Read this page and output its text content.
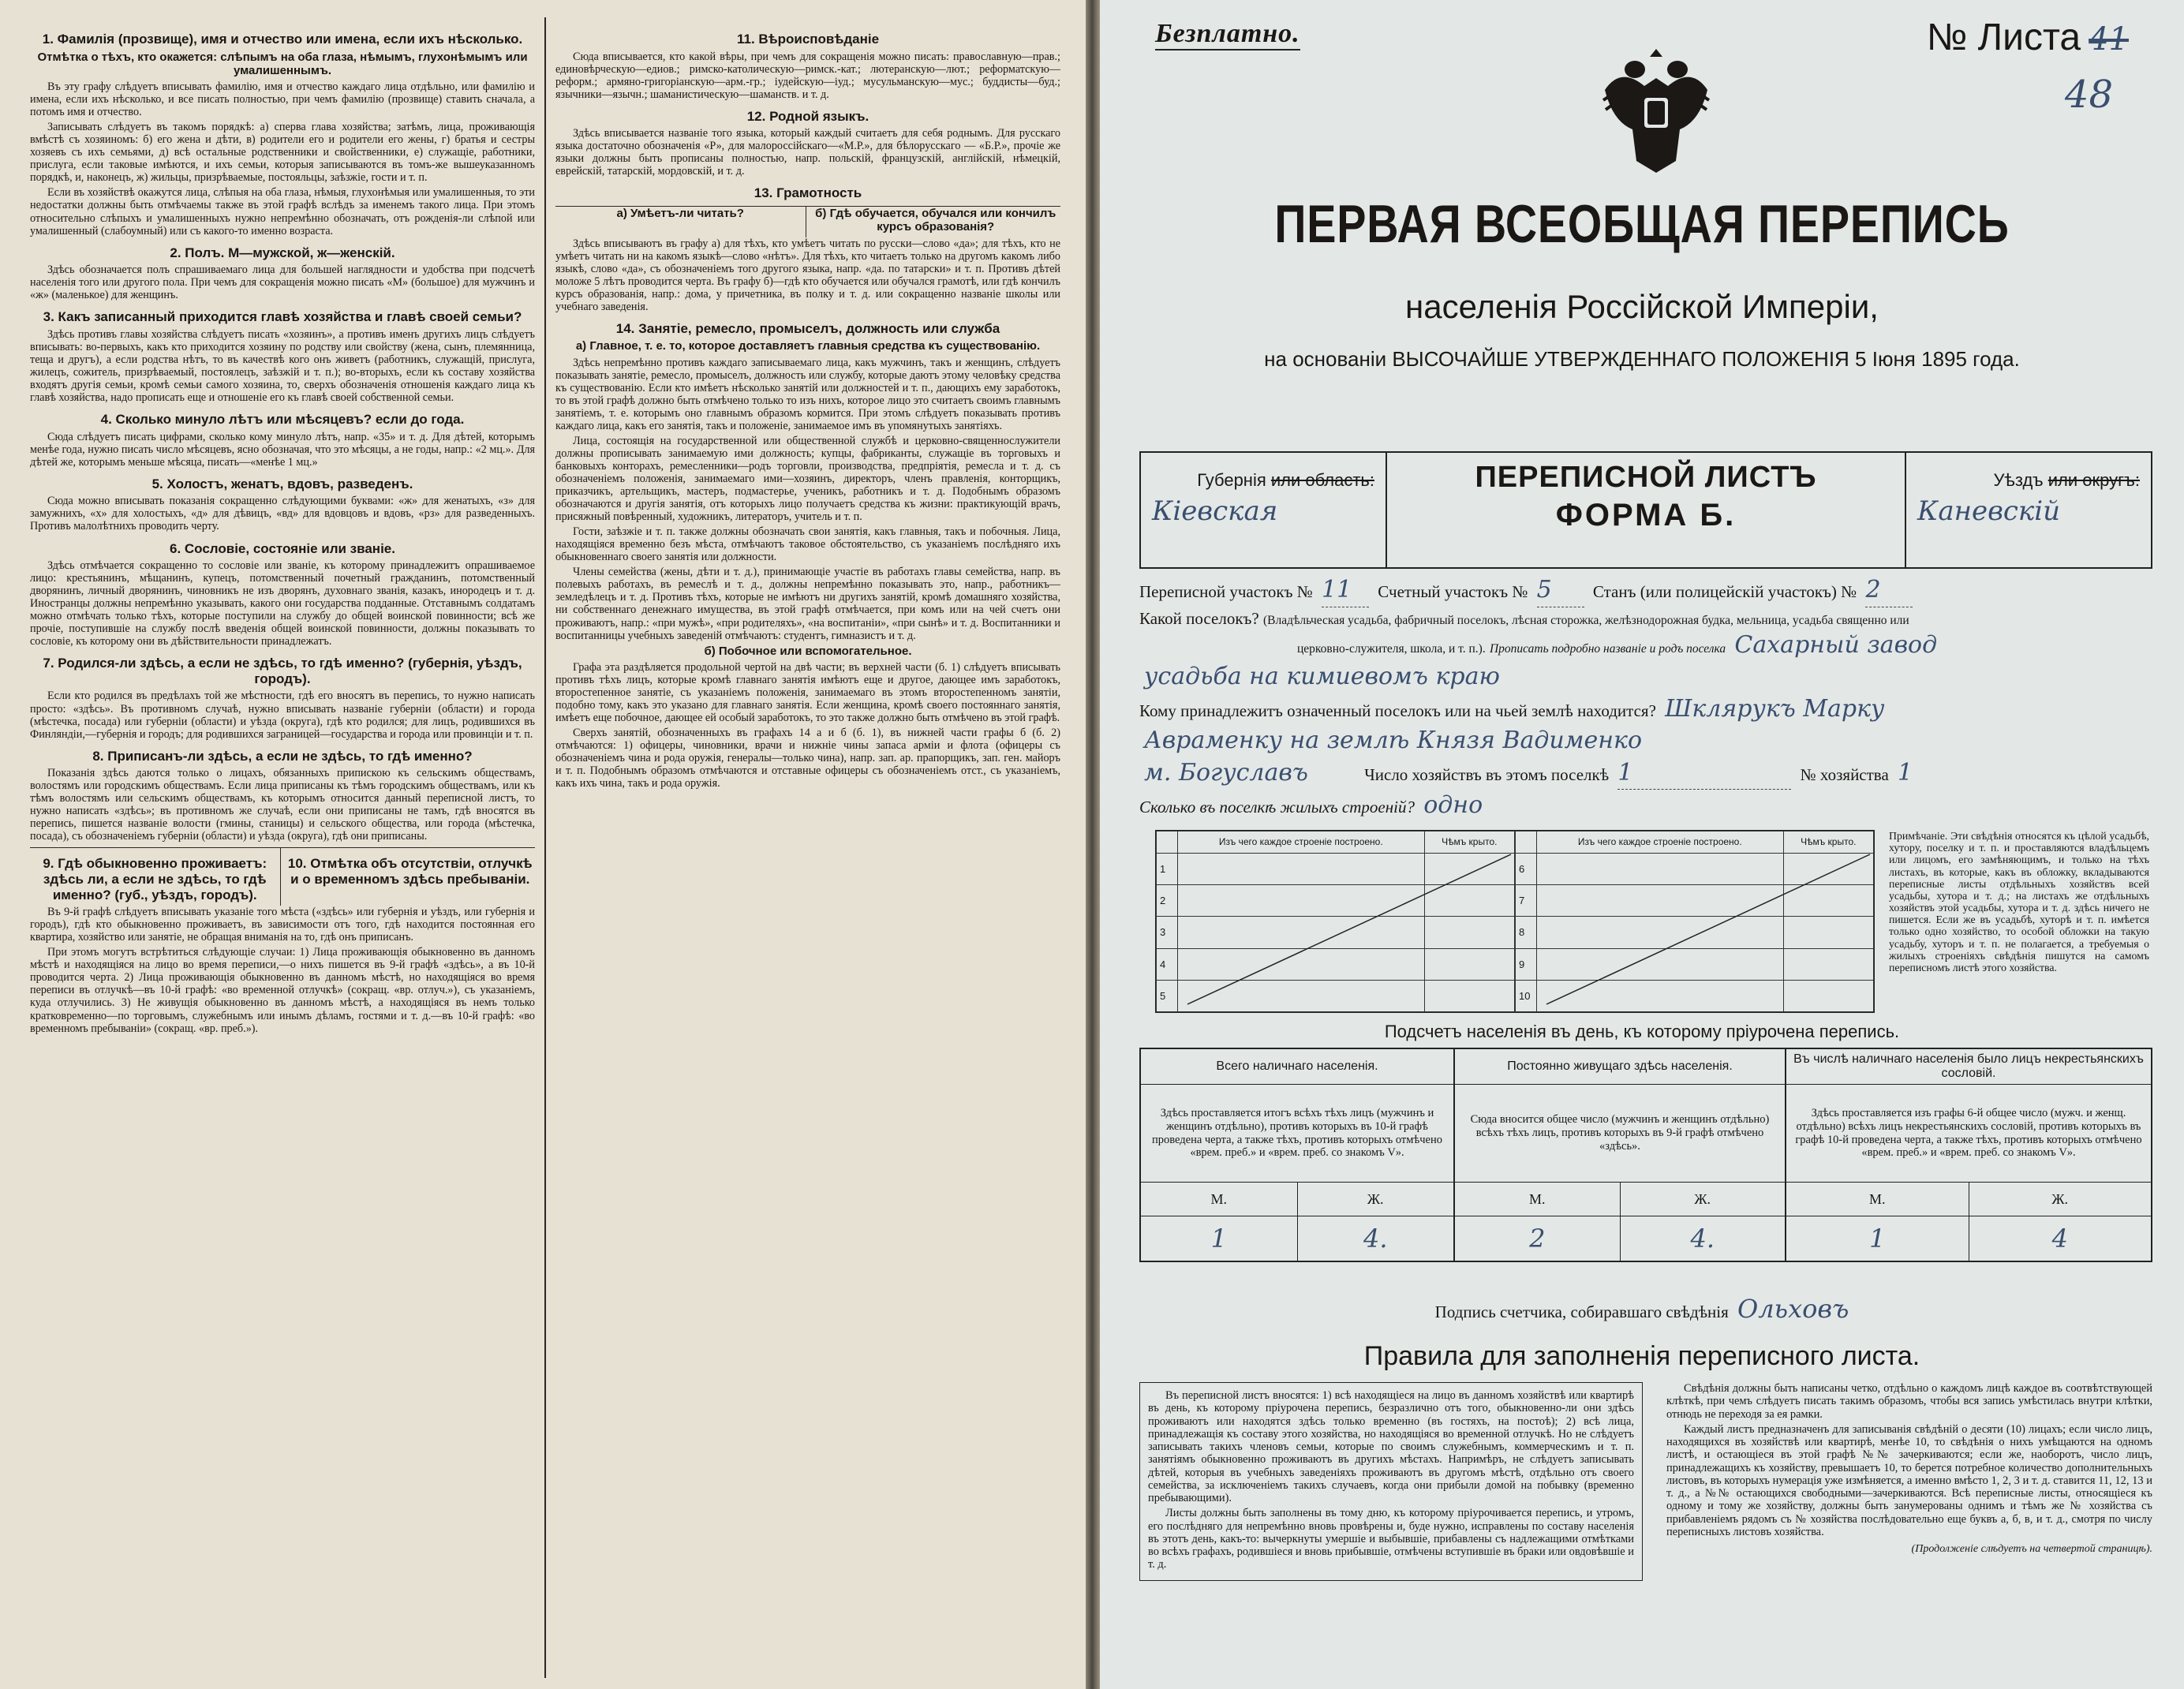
1. Фамилія (прозвище), имя и отчество или имена, если ихъ нѣсколько.
Отмѣтка о тѣхъ, кто окажется: слѣпымъ на оба глаза, нѣмымъ, глухонѣмымъ или умалишеннымъ.

Въ эту графу слѣдуетъ вписывать фамилію, имя и отчество каждаго лица отдѣльно, или фамилію и имена, если ихъ нѣсколько, и все писать полностью, при чемъ фамилію (прозвище) ставить сначала, а потомъ имя и отчество.

Записывать слѣдуетъ въ такомъ порядкѣ: а) сперва глава хозяйства; затѣмъ, лица, проживающія вмѣстѣ съ хозяиномъ: б) его жена и дѣти, в) родители его и родители его жены, г) братья и сестры хозяевъ съ ихъ семьями, д) всѣ остальные родственники и свойственники, е) служащіе, работники, прислуга, если таковые имѣются, и ихъ семьи, которыя записываются въ томъ-же вышеуказанномъ порядкѣ, и, наконецъ, ж) жильцы, призрѣваемые, постояльцы, заѣзжіе, гости и т. п.

Если въ хозяйствѣ окажутся лица, слѣпыя на оба глаза, нѣмыя, глухонѣмыя или умалишенныя, то эти недостатки должны быть отмѣчаемы также въ этой графѣ вслѣдъ за именемъ такого лица. При этомъ относительно слѣпыхъ и умалишенныхъ нужно непремѣнно обозначать, отъ рожденія-ли слѣпой или умалишенный (слабоумный) или съ какого-то именно возраста.

2. Полъ. М—мужской, ж—женскій.

Здѣсь обозначается полъ спрашиваемаго лица для большей наглядности и удобства при подсчетѣ населенія того или другого пола. При чемъ для сокращенія можно писать «М» (большое) для мужчинъ и «ж» (маленькое) для женщинъ.

3. Какъ записанный приходится главѣ хозяйства и главѣ своей семьи?

Здѣсь противъ главы хозяйства слѣдуетъ писать «хозяинъ», а противъ именъ другихъ лицъ слѣдуетъ вписывать: во-первыхъ, какъ кто приходится хозяину по родству или свойству (жена, сынъ, племянница, теща и другъ), а если родства нѣтъ, то въ качествѣ кого онъ живетъ (работникъ, служащій, прислуга, жилецъ, сожитель, призрѣваемый, постоялецъ, заѣзжій и т. п.); во-вторыхъ, если къ составу хозяйства входятъ другія семьи, кромѣ семьи самого хозяина, то, сверхъ обозначенія отношенія каждаго лица къ главѣ хозяйства, надо прописать еще и отношеніе его къ главѣ своей собственной семьи.

4. Сколько минуло лѣтъ или мѣсяцевъ? если до года.

Сюда слѣдуетъ писать цифрами, сколько кому минуло лѣтъ, напр. «35» и т. д. Для дѣтей, которымъ менѣе года, нужно писать число мѣсяцевъ, ясно обозначая, что это мѣсяцы, а не годы, напр.: «2 мц.». Для дѣтей же, которымъ меньше мѣсяца, писать—«менѣе 1 мц.»

5. Холостъ, женатъ, вдовъ, разведенъ.

Сюда можно вписывать показанія сокращенно слѣдующими буквами: «ж» для женатыхъ, «з» для замужнихъ, «х» для холостыхъ, «д» для дѣвицъ, «вд» для вдовцовъ и вдовъ, «рз» для разведенныхъ. Противъ малолѣтнихъ проводить черту.

6. Сословіе, состояніе или званіе.

Здѣсь отмѣчается сокращенно то сословіе или званіе, къ которому принадлежитъ опрашиваемое лицо: крестьянинъ, мѣщанинъ, купецъ, потомственный почетный гражданинъ, потомственный дворянинъ, личный дворянинъ, чиновникъ не изъ дворянъ, духовнаго званія, казакъ, инородецъ и т. д. Иностранцы должны непремѣнно указывать, какого они государства подданные. Отставнымъ солдатамъ можно отмѣчать только тѣхъ, которые поступили на службу до общей воинской повинности; всѣ же прочіе, поступившіе на службу послѣ введенія общей воинской повинности, должны показывать то сословіе, къ которому они въ дѣйствительности принадлежатъ.

7. Родился-ли здѣсь, а если не здѣсь, то гдѣ именно? (губернія, уѣздъ, городъ).

Если кто родился въ предѣлахъ той же мѣстности, гдѣ его вносятъ въ перепись, то нужно написать просто: «здѣсь». Въ противномъ случаѣ, нужно вписывать названіе губерніи (области) и города (мѣстечка, посада) или губерніи (области) и уѣзда (округа), гдѣ кто родился; для лицъ, родившихся въ Финляндіи,—губернія и городъ; для родившихся заграницей—государства и города или провинціи и т. п.

8. Приписанъ-ли здѣсь, а если не здѣсь, то гдѣ именно?

Показанія здѣсь даются только о лицахъ, обязанныхъ припискою къ сельскимъ обществамъ, волостямъ или городскимъ обществамъ. Если лица приписаны къ тѣмъ городскимъ обществамъ, или къ тѣмъ волостямъ или сельскимъ обществамъ, къ которымъ относится данный переписной листъ, то нужно написать «здѣсь»; въ противномъ же случаѣ, если они приписаны не тамъ, гдѣ вносятся въ перепись, пишется названіе волости (гмины, станицы) и сельского общества, или города (мѣстечка, посада), съ обозначеніемъ губерніи (области) и уѣзда (округа), гдѣ они приписаны.

9. Гдѣ обыкновенно проживаетъ: здѣсь ли, а если не здѣсь, то гдѣ именно? (губ., уѣздъ, городъ).
10. Отмѣтка объ отсутствіи, отлучкѣ и о временномъ здѣсь пребываніи.

Въ 9-й графѣ слѣдуетъ вписывать указаніе того мѣста («здѣсь» или губернія и уѣздъ, или губернія и городъ), гдѣ кто обыкновенно проживаетъ, въ зависимости отъ того, гдѣ находится постоянная его квартира, хозяйство или занятіе, не обращая вниманія на то, гдѣ онъ приписанъ.

При этомъ могутъ встрѣтиться слѣдующіе случаи: 1) Лица проживающія обыкновенно въ данномъ мѣстѣ и находящіяся на лицо во время переписи,—о нихъ пишется въ 9-й графѣ «здѣсь», а въ 10-й проводится черта. 2) Лица проживающія обыкновенно въ данномъ мѣстѣ, но находящіяся во время переписи въ отлучкѣ—въ 10-й графѣ: «во временной отлучкѣ» (сокращ. «вр. отлуч.»), съ указаніемъ, куда отлучились. 3) Не живущія обыкновенно въ данномъ мѣстѣ, а находящіяся въ немъ только кратковременно—по торговымъ, служебнымъ или инымъ дѣламъ, гостями и т. д.—въ 10-й графѣ: «во временномъ пребываніи» (сокращ. «вр. преб.»).

11. Вѣроисповѣданіе

Сюда вписывается, кто какой вѣры, при чемъ для сокращенія можно писать: православную—прав.; единовѣрческую—едиов.; римско-католическую—римск.-кат.; лютеранскую—лют.; реформатскую—реформ.; армяно-григоріанскую—арм.-гр.; іудейскую—іуд.; мусульманскую—мус.; буддисты—буд.; язычники—язычн.; шаманистическую—шаманств. и т. д.

12. Родной языкъ.

Здѣсь вписывается названіе того языка, который каждый считаетъ для себя роднымъ. Для русскаго языка достаточно обозначенія «Р», для малороссійскаго—«М.Р.», для бѣлорусскаго — «Б.Р.», прочіе же языки должны быть прописаны полностью, напр. польскій, французскій, англійскій, нѣмецкій, еврейскій, татарскій, мордовскій, и т. д.

13. Грамотность
а) Умѣетъ-ли читать?	б) Гдѣ обучается, обучался или кончилъ курсъ образованія?

Здѣсь вписываютъ въ графу а) для тѣхъ, кто умѣетъ читать по русски—слово «да»; для тѣхъ, кто не умѣетъ читать ни на какомъ языкѣ—слово «нѣтъ». Для тѣхъ, кто читаетъ только на другомъ какомъ либо языкѣ, слово «да», съ обозначеніемъ того другого языка, напр. «да. по татарски» и т. п. Противъ дѣтей моложе 5 лѣтъ проводится черта. Въ графу б)—гдѣ кто обучается или обучался грамотѣ, или гдѣ кончилъ курсъ образованія, напр.: дома, у причетника, въ полку и т. д. или сокращенно названіе школы или учебнаго заведенія.

14. Занятіе, ремесло, промыселъ, должность или служба
а) Главное, т. е. то, которое доставляетъ главныя средства къ существованію.

Здѣсь непремѣнно противъ каждаго записываемаго лица, какъ мужчинъ, такъ и женщинъ, слѣдуетъ показывать занятіе, ремесло, промыселъ, должность или службу, которые даютъ этому человѣку средства къ существованію. Если кто имѣетъ нѣсколько занятій или должностей и т. п., дающихъ ему заработокъ, то въ этой графѣ должно быть отмѣчено только то изъ нихъ, которое лицо это считаетъ своимъ главнымъ занятіемъ, т. е. которымъ оно главнымъ образомъ кормится. При этомъ слѣдуетъ показывать противъ каждаго лица, какъ его занятія, такъ и положеніе, занимаемое имъ въ упомянутыхъ занятіяхъ.

Лица, состоящія на государственной или общественной службѣ и церковно-священнослужители должны прописывать занимаемую ими должность; купцы, фабриканты, служащіе въ торговыхъ и банковыхъ конторахъ, ремесленники—родъ торговли, производства, предпріятія, ремесла и т. д. съ обозначеніемъ положенія, занимаемаго ими—хозяинъ, директоръ, членъ правленія, конторщикъ, приказчикъ, артельщикъ, мастеръ, подмастерье, ученикъ, работникъ и т. д. Подобнымъ образомъ обозначаются и другія занятія, отъ которыхъ лицо получаетъ средства къ жизни: практикующій врачъ, присяжный повѣренный, художникъ, литераторъ, учитель и т. п.

Гости, заѣзжіе и т. п. также должны обозначать свои занятія, какъ главныя, такъ и побочныя. Лица, находящіяся временно безъ мѣста, отмѣчаютъ таковое обстоятельство, съ указаніемъ послѣдняго ихъ обыкновеннаго своего занятія или должности.

Члены семейства (жены, дѣти и т. д.), принимающіе участіе въ работахъ главы семейства, напр. въ полевыхъ работахъ, въ ремеслѣ и т. д., должны непремѣнно показывать это, напр., работникъ—земледѣлецъ и т. д. Противъ тѣхъ, которые не имѣютъ ни другихъ занятій, кромѣ домашняго хозяйства, ни собственнаго денежнаго имущества, въ этой графѣ отмѣчается, при комъ или на чей счетъ они проживаютъ, напр.: «при мужѣ», «при родителяхъ», «на воспитаніи», «при сынѣ» и т. д. Воспитанники и воспитанницы учебныхъ заведеній отмѣчаютъ: студентъ, гимназистъ и т. д.

б) Побочное или вспомогательное.

Графа эта раздѣляется продольной чертой на двѣ части; въ верхней части (б. 1) слѣдуетъ вписывать противъ тѣхъ лицъ, которые кромѣ главнаго занятія имѣютъ еще и другое, дающее имъ заработокъ, второстепенное занятіе, съ указаніемъ положенія, занимаемаго въ этомъ второстепенномъ занятіи, подобно тому, какъ это указано для главнаго занятія. Если женщина, кромѣ своего постояннаго занятія, имѣетъ еще побочное, дающее ей особый заработокъ, то это также должно быть отмѣчено въ этой графѣ.

Сверхъ занятій, обозначенныхъ въ графахъ 14 а и б (б. 1), въ нижней части графы б (б. 2) отмѣчаются: 1) офицеры, чиновники, врачи и нижніе чины запаса арміи и флота (офицеры съ обозначеніемъ чина и рода оружія, генералы—только чина), напр. зап. ар. прапорщикъ, зап. ген. майоръ и т. п. Подобнымъ образомъ отмѣчаются и отставные офицеры съ обозначеніемъ отст., съ указаніемъ, какъ ихъ чина, такъ и рода оружія.

Безплатно.	№ Листа 41
48
ПЕРВАЯ ВСЕОБЩАЯ ПЕРЕПИСЬ
населенія Россійской Имперіи,
на основаніи ВЫСОЧАЙШЕ УТВЕРЖДЕННАГО ПОЛОЖЕНІЯ 5 Іюня 1895 года.
Губернія или область:
Кіевская
ПЕРЕПИСНОЙ ЛИСТЪ
ФОРМА Б.
Уѣздъ или округъ:
Каневскій
Переписной участокъ № 11 Счетный участокъ № 5 Станъ (или полицейскій участокъ) № 2
Какой поселокъ? (Владѣльческая усадьба, фабричный поселокъ, лѣсная сторожка, желѣзнодорожная будка, мельница, усадьба священно или
церковно-служителя, школа, и т. п.). Прописать подробно названіе и родъ поселка Сахарный завод
усадьба на кимиевомъ краю
Кому принадлежитъ означенный поселокъ или на чьей землѣ находится? Шклярукъ Марку
Авраменку на землѣ Князя Вадименко
м. Богуславъ	Число хозяйствъ въ этомъ поселкѣ 1	№ хозяйства 1
Сколько въ поселкѣ жилыхъ строеній? одно
	Изъ чего каждое строеніе построено.	Чѣмъ крыто.
1		
2		
3		
4		
5		
	Изъ чего каждое строеніе построено.	Чѣмъ крыто.
6		
7		
8		
9		
10		
Примѣчаніе. Эти свѣдѣнія относятся къ цѣлой усадьбѣ, хутору, поселку и т. п. и проставляются владѣльцемъ или лицомъ, его замѣняющимъ, и только на тѣхъ листахъ, въ которые, какъ въ обложку, вкладываются переписные листы отдѣльныхъ хозяйствъ всей усадьбы, хутора и т. д.; на листахъ же отдѣльныхъ хозяйствъ этой усадьбы, хутора и т. д. здѣсь ничего не пишется. Если же въ усадьбѣ, хуторѣ и т. п. имѣется только одно хозяйство, то особой обложки на такую усадьбу, хуторъ и т. п. не полагается, а требуемыя о жилыхъ строеніяхъ свѣдѣнія пишутся на самомъ переписномъ листѣ этого хозяйства.
Подсчетъ населенія въ день, къ которому пріурочена перепись.
Всего наличнаго населенія.
Здѣсь проставляется итогъ всѣхъ тѣхъ лицъ (мужчинъ и женщинъ отдѣльно), противъ которыхъ въ 10-й графѣ проведена черта, а также тѣхъ, противъ которыхъ отмѣчено «врем. преб.» и «врем. преб. со знакомъ V».
М.	Ж.
1	4.
Постоянно живущаго здѣсь населенія.
Сюда вносится общее число (мужчинъ и женщинъ отдѣльно) всѣхъ тѣхъ лицъ, противъ которыхъ въ 9-й графѣ отмѣчено «здѣсь».
М.	Ж.
2	4.
Въ числѣ наличнаго населенія было лицъ некрестьянскихъ сословій.
Здѣсь проставляется изъ графы 6-й общее число (мужч. и женщ. отдѣльно) всѣхъ лицъ некрестьянскихъ сословій, противъ которыхъ въ графѣ 10-й проведена черта, а также тѣхъ, противъ которыхъ отмѣчено «врем. преб.» и «врем. преб. со знакомъ V».
М.	Ж.
1	4
Подпись счетчика, собиравшаго свѣдѣнія Ольховъ
Правила для заполненія переписного листа.

Въ переписной листъ вносятся: 1) всѣ находящіеся на лицо въ данномъ хозяйствѣ или квартирѣ въ день, къ которому пріурочена перепись, безразлично отъ того, обыкновенно-ли они здѣсь проживаютъ или находятся здѣсь только временно (въ гостяхъ, на постоѣ); 2) всѣ лица, принадлежащія къ составу этого хозяйства, но находящіяся во временной отлучкѣ. Но не слѣдуетъ записывать такихъ членовъ семьи, которые по своимъ служебнымъ, коммерческимъ и т. п. занятіямъ обыкновенно проживаютъ въ другихъ мѣстахъ. Напримѣръ, не слѣдуетъ записывать дѣтей, которыя въ учебныхъ заведеніяхъ проживаютъ въ другомъ мѣстѣ, отдѣльно отъ своего семейства, за исключеніемъ такихъ случаевъ, когда они прибыли домой на побывку (временно пребывающими).

Листы должны быть заполнены въ тому дню, къ которому пріурочивается перепись, и утромъ, его послѣдняго для непремѣнно вновь провѣрены и, буде нужно, исправлены по составу населенія въ этотъ день, какъ-то: вычеркнуты умершіе и выбывшіе, прибавлены съ надлежащими отмѣтками во всѣхъ графахъ, родившіеся и вновь прибывшіе, отмѣчены вступившіе въ браки или овдовѣвшіе и т. д.

Свѣдѣнія должны быть написаны четко, отдѣльно о каждомъ лицѣ каждое въ соотвѣтствующей клѣткѣ, при чемъ слѣдуетъ писать такимъ образомъ, чтобы вся запись умѣстилась внутри клѣтки, отнюдь не переходя за ея рамки.

Каждый листъ предназначенъ для записыванія свѣдѣній о десяти (10) лицахъ; если число лицъ, находящихся въ хозяйствѣ или квартирѣ, менѣе 10, то свѣдѣнія о нихъ умѣщаются на одномъ листѣ, и остающіеся въ этой графѣ №№ зачеркиваются; если же, наоборотъ, число лицъ, принадлежащихъ къ хозяйству, превышаетъ 10, то берется потребное количество дополнительныхъ листовъ, въ которыхъ нумерація уже измѣняется, а именно вмѣсто 1, 2, 3 и т. д. ставится 11, 12, 13 и т. д., а №№ остающихся свободными—зачеркиваются. Всѣ переписные листы, относящіеся къ одному и тому же хозяйству, должны быть занумерованы однимъ и тѣмъ же № хозяйства съ прибавленіемъ рядомъ съ № хозяйства послѣдовательно еще буквъ а, б, в, и т. д., смотря по числу переписныхъ листовъ хозяйства.

(Продолженіе слѣдуетъ на четвертой страницѣ).
